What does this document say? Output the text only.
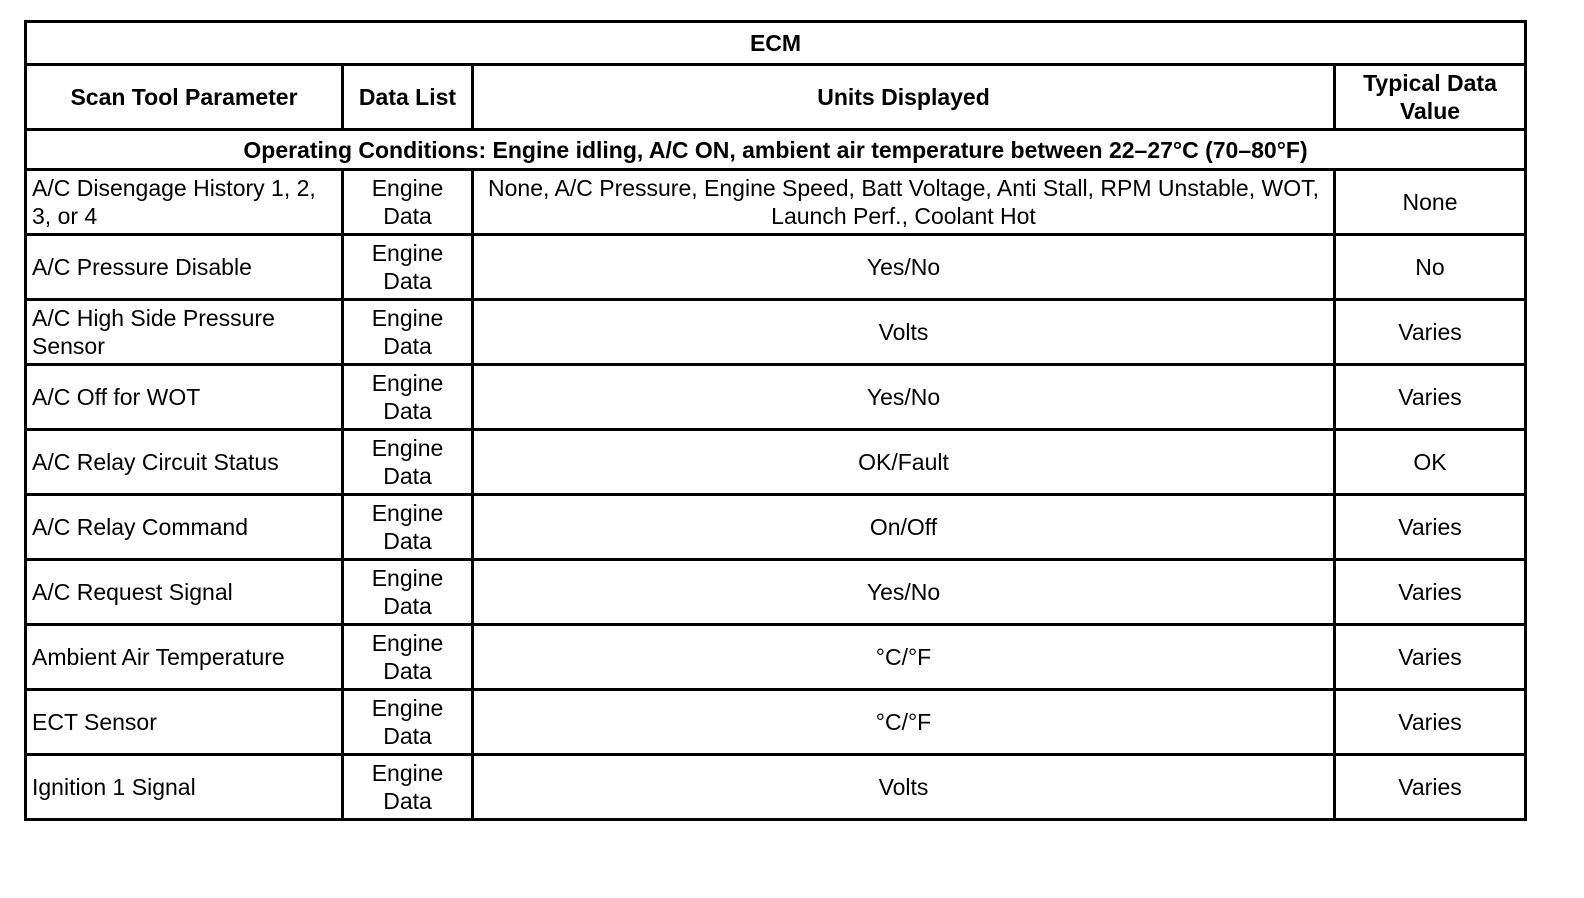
ECM			
Scan Tool Parameter	Data List	Units Displayed	Typical Data Value
Operating Conditions: Engine idling, A/C ON, ambient air temperature between 22–27°C (70–80°F)			
A/C Disengage History 1, 2, 3, or 4	Engine Data	None, A/C Pressure, Engine Speed, Batt Voltage, Anti Stall, RPM Unstable, WOT, Launch Perf., Coolant Hot	None
A/C Pressure Disable	Engine Data	Yes/No	No
A/C High Side Pressure Sensor	Engine Data	Volts	Varies
A/C Off for WOT	Engine Data	Yes/No	Varies
A/C Relay Circuit Status	Engine Data	OK/Fault	OK
A/C Relay Command	Engine Data	On/Off	Varies
A/C Request Signal	Engine Data	Yes/No	Varies
Ambient Air Temperature	Engine Data	°C/°F	Varies
ECT Sensor	Engine Data	°C/°F	Varies
Ignition 1 Signal	Engine Data	Volts	Varies
